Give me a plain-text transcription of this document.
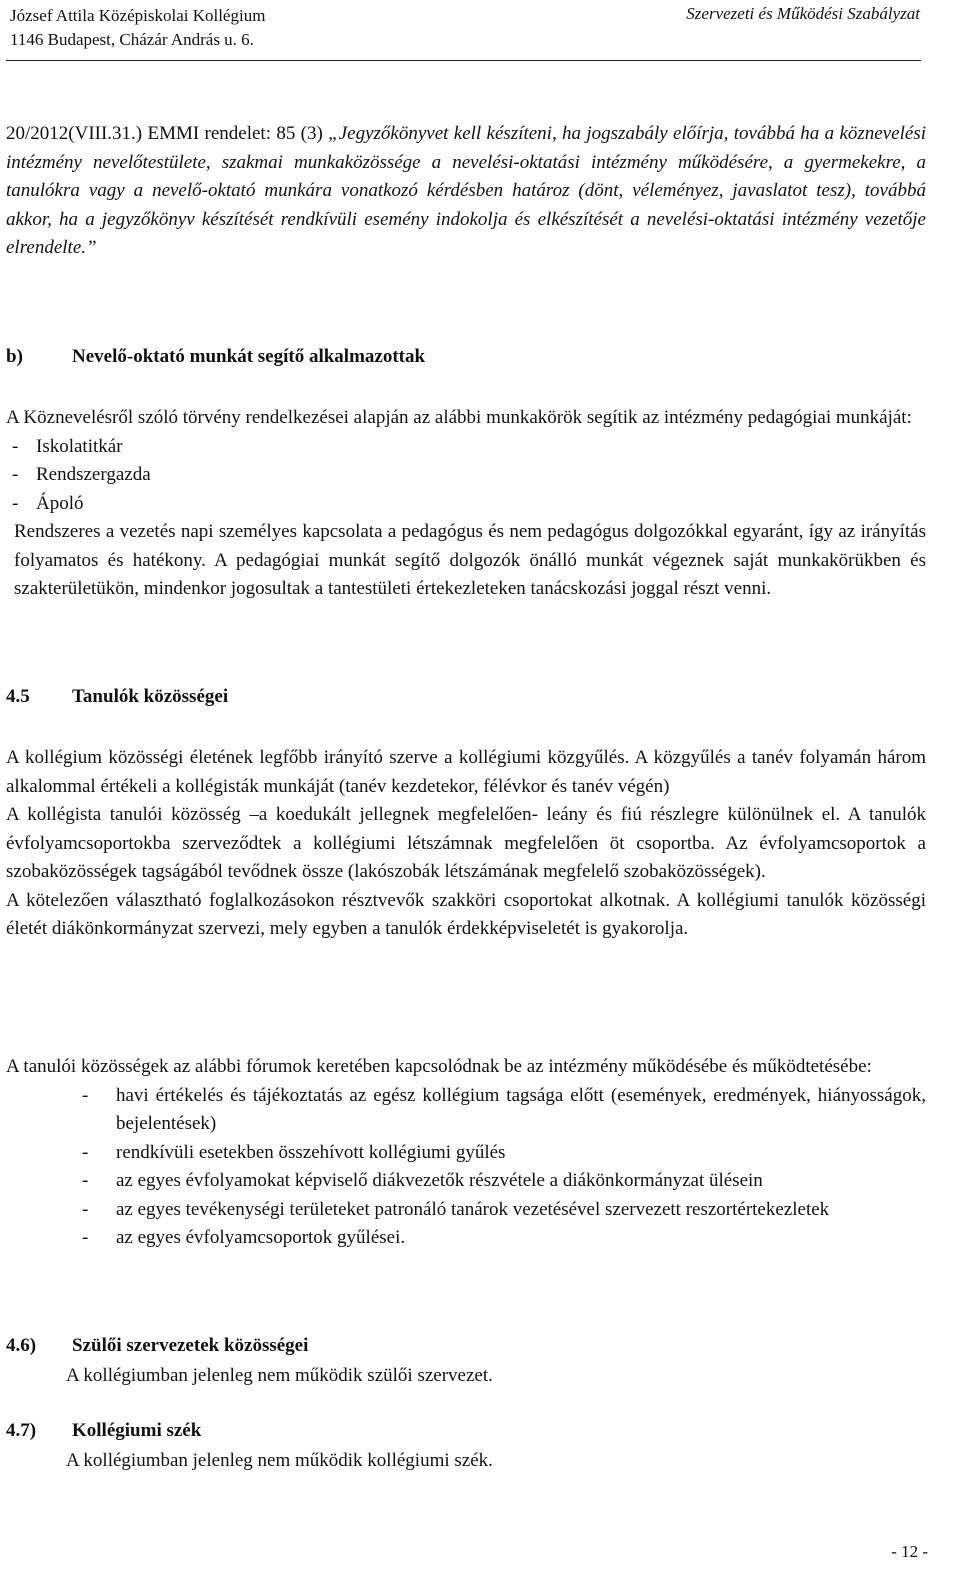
József Attila Középiskolai Kollégium
1146 Budapest, Cházár András u. 6.
Szervezeti és Működési Szabályzat

20/2012(VIII.31.) EMMI rendelet: 85 (3) „Jegyzőkönyvet kell készíteni, ha jogszabály előírja, továbbá ha a köznevelési intézmény nevelőtestülete, szakmai munkaközössége a nevelési-oktatási intézmény működésére, a gyermekekre, a tanulókra vagy a nevelő-oktató munkára vonatkozó kérdésben határoz (dönt, véleményez, javaslatot tesz), továbbá akkor, ha a jegyzőkönyv készítését rendkívüli esemény indokolja és elkészítését a nevelési-oktatási intézmény vezetője elrendelte.”

b)	Nevelő-oktató munkát segítő alkalmazottak

A Köznevelésről szóló törvény rendelkezései alapján az alábbi munkakörök segítik az intézmény pedagógiai munkáját:

- Iskolatitkár
- Rendszergazda
- Ápoló

Rendszeres a vezetés napi személyes kapcsolata a pedagógus és nem pedagógus dolgozókkal egyaránt, így az irányítás folyamatos és hatékony. A pedagógiai munkát segítő dolgozók önálló munkát végeznek saját munkakörükben és szakterületükön, mindenkor jogosultak a tantestületi értekezleteken tanácskozási joggal részt venni.

4.5 Tanulók közösségei

A kollégium közösségi életének legfőbb irányító szerve a kollégiumi közgyűlés. A közgyűlés a tanév folyamán három alkalommal értékeli a kollégisták munkáját (tanév kezdetekor, félévkor és tanév végén)

A kollégista tanulói közösség –a koedukált jellegnek megfelelően- leány és fiú részlegre különülnek el. A tanulók évfolyamcsoportokba szerveződtek a kollégiumi létszámnak megfelelően öt csoportba. Az évfolyamcsoportok a szobaközösségek tagságából tevődnek össze (lakószobák létszámának megfelelő szobaközösségek).

A kötelezően választható foglalkozásokon résztvevők szakköri csoportokat alkotnak. A kollégiumi tanulók közösségi életét diákönkormányzat szervezi, mely egyben a tanulók érdekképviseletét is gyakorolja.

A tanulói közösségek az alábbi fórumok keretében kapcsolódnak be az intézmény működésébe és működtetésébe:

- havi értékelés és tájékoztatás az egész kollégium tagsága előtt (események, eredmények, hiányosságok, bejelentések)
- rendkívüli esetekben összehívott kollégiumi gyűlés
- az egyes évfolyamokat képviselő diákvezetők részvétele a diákönkormányzat ülésein
- az egyes tevékenységi területeket patronáló tanárok vezetésével szervezett reszortértekezletek
- az egyes évfolyamcsoportok gyűlései.
4.6) Szülői szervezetek közösségei
A kollégiumban jelenleg nem működik szülői szervezet.
4.7) Kollégiumi szék
A kollégiumban jelenleg nem működik kollégiumi szék.
- 12 -
